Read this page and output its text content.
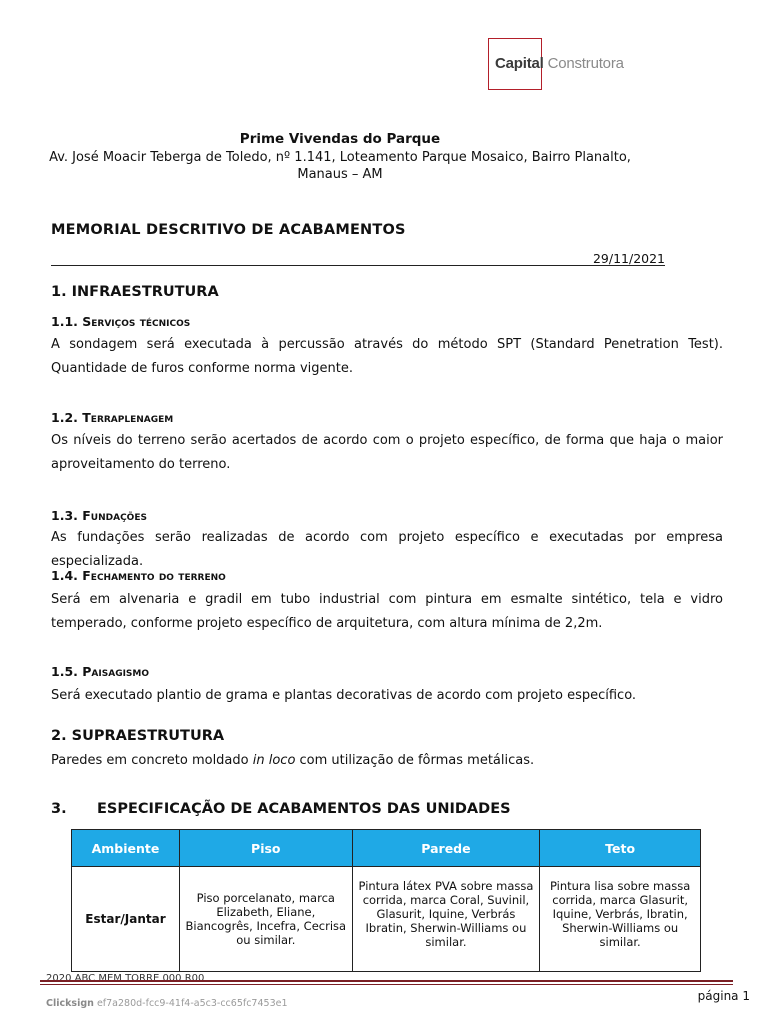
Capital Construtora
Prime Vivendas do Parque
Av. José Moacir Teberga de Toledo, nº 1.141, Loteamento Parque Mosaico, Bairro Planalto,
Manaus – AM
MEMORIAL DESCRITIVO DE ACABAMENTOS
29/11/2021
1. INFRAESTRUTURA
1.1. Serviços técnicos
A sondagem será executada à percussão através do método SPT (Standard Penetration Test). Quantidade de furos conforme norma vigente.
1.2. Terraplenagem
Os níveis do terreno serão acertados de acordo com o projeto específico, de forma que haja o maior aproveitamento do terreno.
1.3. Fundações
As fundações serão realizadas de acordo com projeto específico e executadas por empresa especializada.
1.4. Fechamento do terreno
Será em alvenaria e gradil em tubo industrial com pintura em esmalte sintético, tela e vidro temperado, conforme projeto específico de arquitetura, com altura mínima de 2,2m.
1.5. Paisagismo
Será executado plantio de grama e plantas decorativas de acordo com projeto específico.
2. SUPRAESTRUTURA
Paredes em concreto moldado in loco com utilização de fôrmas metálicas.
3. ESPECIFICAÇÃO DE ACABAMENTOS DAS UNIDADES
Ambiente	Piso	Parede	Teto
Estar/Jantar	Piso porcelanato, marca Elizabeth, Eliane, Biancogrês, Incefra, Cecrisa ou similar.	Pintura látex PVA sobre massa corrida, marca Coral, Suvinil, Glasurit, Iquine, Verbrás Ibratin, Sherwin-Williams ou similar.	Pintura lisa sobre massa corrida, marca Glasurit, Iquine, Verbrás, Ibratin, Sherwin-Williams ou similar.
2020 ABC MEM TORRE 000 R00
Clicksign ef7a280d-fcc9-41f4-a5c3-cc65fc7453e1
página 1
